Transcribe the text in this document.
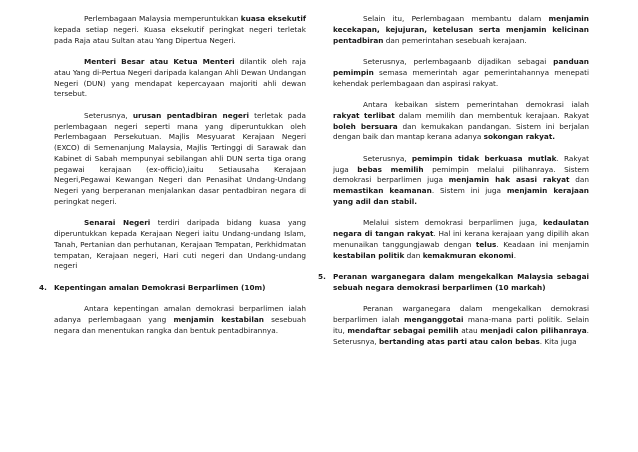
Perlembagaan Malaysia memperuntukkan kuasa eksekutif kepada setiap negeri. Kuasa eksekutif peringkat negeri terletak pada Raja atau Sultan atau Yang Dipertua Negeri.

Menteri Besar atau Ketua Menteri dilantik oleh raja atau Yang di-Pertua Negeri daripada kalangan Ahli Dewan Undangan Negeri (DUN) yang mendapat kepercayaan majoriti ahli dewan tersebut.

Seterusnya, urusan pentadbiran negeri terletak pada perlembagaan negeri seperti mana yang diperuntukkan oleh Perlembagaan Persekutuan. Majlis Mesyuarat Kerajaan Negeri (EXCO) di Semenanjung Malaysia, Majlis Tertinggi di Sarawak dan Kabinet di Sabah mempunyai sebilangan ahli DUN serta tiga orang pegawai kerajaan (ex-officio),iaitu Setiausaha Kerajaan Negeri,Pegawai Kewangan Negeri dan Penasihat Undang-Undang Negeri yang berperanan menjalankan dasar pentadbiran negara di peringkat negeri.

Senarai Negeri terdiri daripada bidang kuasa yang diperuntukkan kepada Kerajaan Negeri iaitu Undang-undang Islam, Tanah, Pertanian dan perhutanan, Kerajaan Tempatan, Perkhidmatan tempatan, Kerajaan negeri, Hari cuti negeri dan Undang-undang negeri

4. Kepentingan amalan Demokrasi Berparlimen (10m)

Antara kepentingan amalan demokrasi berparlimen ialah adanya perlembagaan yang menjamin kestabilan sesebuah negara dan menentukan rangka dan bentuk pentadbirannya.

Selain itu, Perlembagaan membantu dalam menjamin kecekapan, kejujuran, ketelusan serta menjamin kelicinan pentadbiran dan pemerintahan sesebuah kerajaan.

Seterusnya, perlembagaanb dijadikan sebagai panduan pemimpin semasa memerintah agar pemerintahannya menepati kehendak perlembagaan dan aspirasi rakyat.

Antara kebaikan sistem pemerintahan demokrasi ialah rakyat terlibat dalam memilih dan membentuk kerajaan. Rakyat boleh bersuara dan kemukakan pandangan. Sistem ini berjalan dengan baik dan mantap kerana adanya sokongan rakyat.

Seterusnya, pemimpin tidak berkuasa mutlak. Rakyat juga bebas memilih pemimpin melalui pilihanraya. Sistem demokrasi berparlimen juga menjamin hak asasi rakyat dan memastikan keamanan. Sistem ini juga menjamin kerajaan yang adil dan stabil.

Melalui sistem demokrasi berparlimen juga, kedaulatan negara di tangan rakyat. Hal ini kerana kerajaan yang dipilih akan menunaikan tanggungjawab dengan telus. Keadaan ini menjamin kestabilan politik dan kemakmuran ekonomi.

5. Peranan warganegara dalam mengekalkan Malaysia sebagai sebuah negara demokrasi berparlimen (10 markah)

Peranan warganegara dalam mengekalkan demokrasi berparlimen ialah menganggotai mana-mana parti politik. Selain itu, mendaftar sebagai pemilih atau menjadi calon pilihanraya. Seterusnya, bertanding atas parti atau calon bebas. Kita juga
